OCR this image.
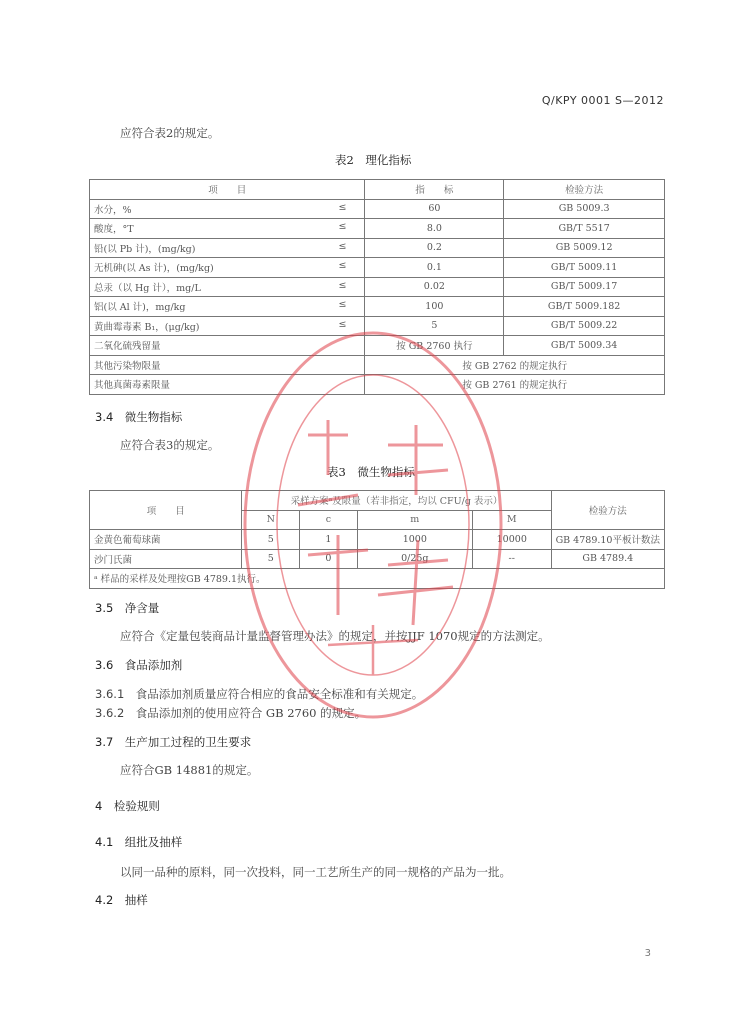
Q/KPY 0001 S—2012
应符合表2的规定。
表2　理化指标
项　　目	指　　标	检验方法
水分，% ≤	60	GB 5009.3
酸度，°T ≤	8.0	GB/T 5517
铅(以 Pb 计)，(mg/kg) ≤	0.2	GB 5009.12
无机砷(以 As 计)，(mg/kg) ≤	0.1	GB/T 5009.11
总汞（以 Hg 计），mg/L ≤	0.02	GB/T 5009.17
铝(以 Al 计)，mg/kg ≤	100	GB/T 5009.182
黄曲霉毒素 B₁，(μg/kg) ≤	5	GB/T 5009.22
二氧化硫残留量	按 GB 2760 执行	GB/T 5009.34
其他污染物限量	按 GB 2762 的规定执行	
其他真菌毒素限量	按 GB 2761 的规定执行	
3.4　 微生物指标
应符合表3的规定。
表3　微生物指标
项　　目	采样方案ᵃ及限量（若非指定，均以 CFU/g 表示）				检验方法
	N	c	m	M	
金黄色葡萄球菌	5	1	1000	10000	GB 4789.10平板计数法
沙门氏菌	5	0	0/25g	--	GB 4789.4
ᵃ 样品的采样及处理按GB 4789.1执行。					
3.5　 净含量
应符合《定量包装商品计量监督管理办法》的规定，并按JJF 1070规定的方法测定。
3.6　 食品添加剂
3.6.1　 食品添加剂质量应符合相应的食品安全标准和有关规定。
3.6.2　 食品添加剂的使用应符合 GB 2760 的规定。
3.7　 生产加工过程的卫生要求
应符合GB 14881的规定。
4　 检验规则
4.1　 组批及抽样
以同一品种的原料，同一次投料，同一工艺所生产的同一规格的产品为一批。
4.2　 抽样
3
